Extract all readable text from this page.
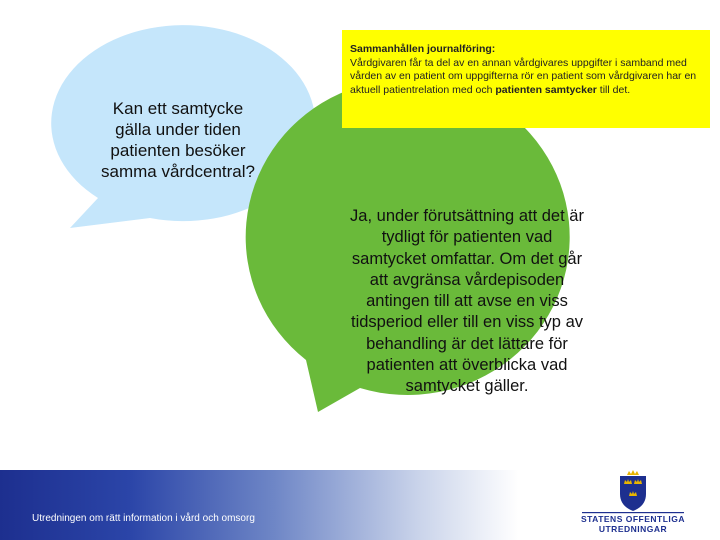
Kan ett samtycke
gälla under tiden
patienten besöker
samma vårdcentral?
Sammanhållen journalföring:
Vårdgivaren får ta del av en annan vårdgivares uppgifter i samband med vården av en patient om uppgifterna rör en patient som vårdgivaren har en aktuell patientrelation med och patienten samtycker till det.
Ja, under förutsättning att det är
tydligt för patienten vad
samtycket omfattar. Om det går
att avgränsa vårdepisoden
antingen till att avse en viss
tidsperiod eller till en viss typ av
behandling är det lättare för
patienten att överblicka vad
samtycket gäller.
Utredningen om rätt information i vård och omsorg	STATENS OFFENTLIGA
UTREDNINGAR
